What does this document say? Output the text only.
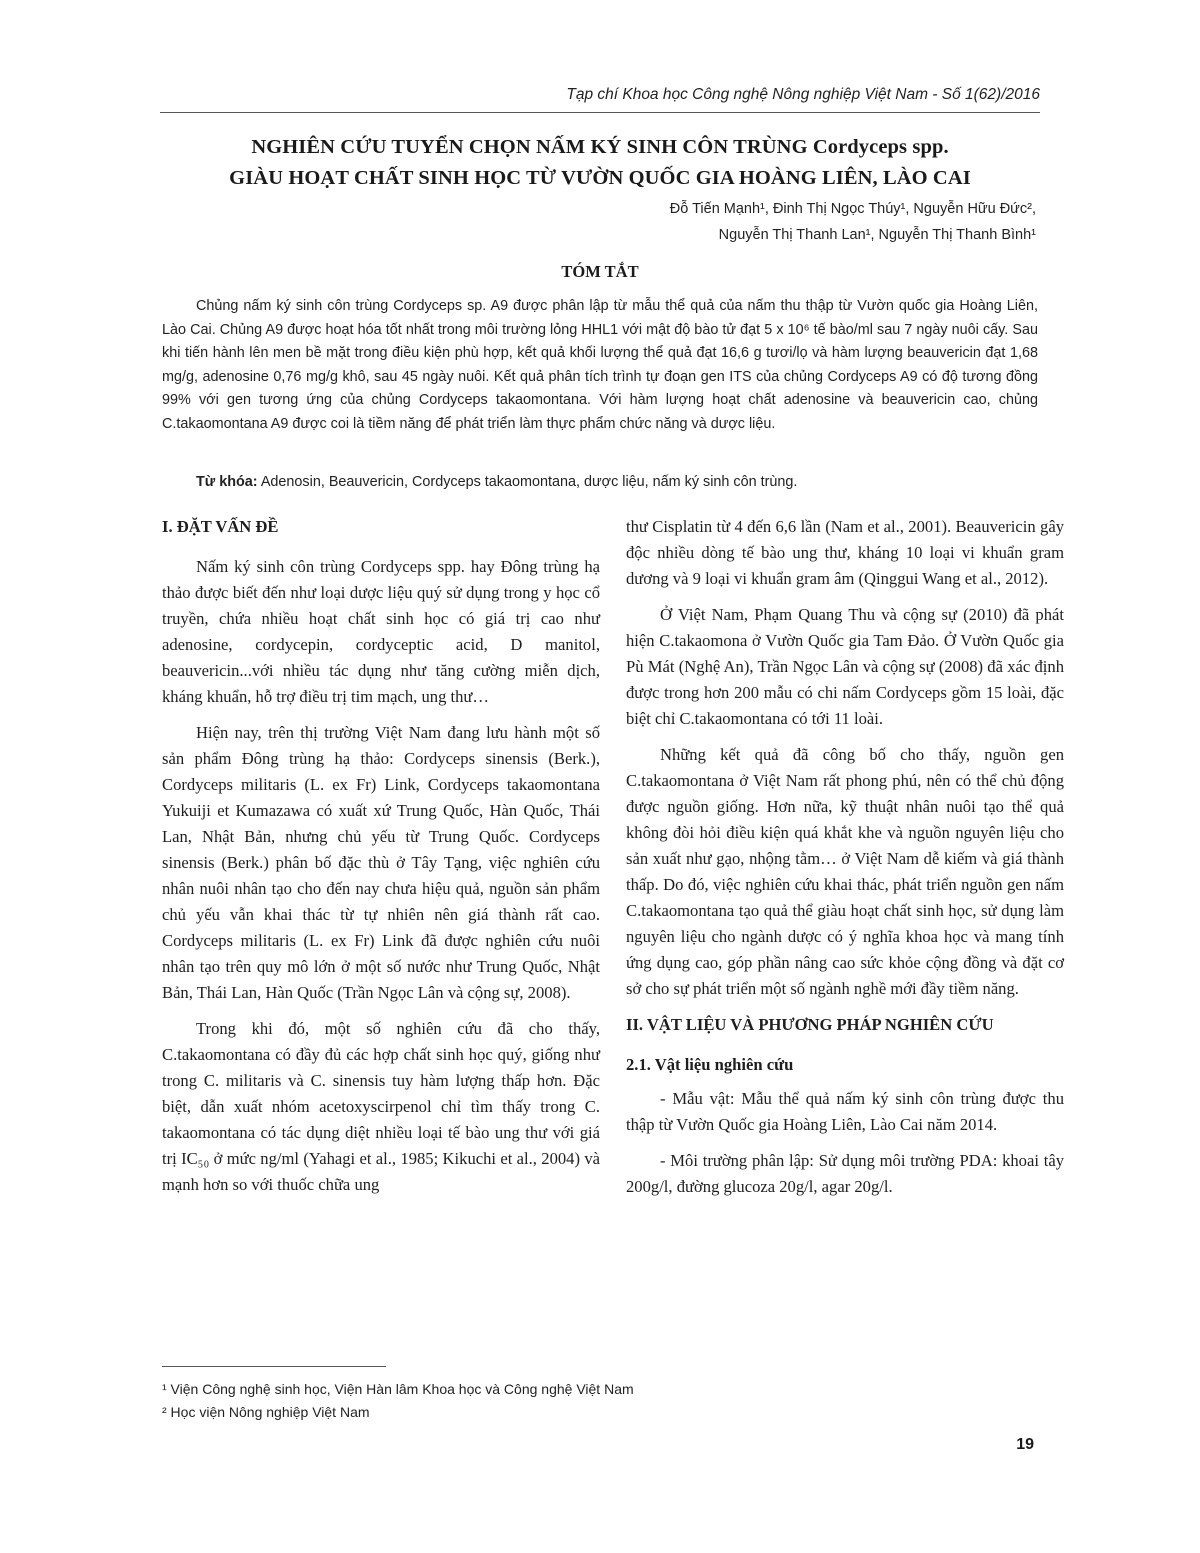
Tạp chí Khoa học Công nghệ Nông nghiệp Việt Nam - Số 1(62)/2016
NGHIÊN CỨU TUYỂN CHỌN NẤM KÝ SINH CÔN TRÙNG Cordyceps spp.
GIÀU HOẠT CHẤT SINH HỌC TỪ VƯỜN QUỐC GIA HOÀNG LIÊN, LÀO CAI
Đỗ Tiến Mạnh¹, Đinh Thị Ngọc Thúy¹, Nguyễn Hữu Đức²,
Nguyễn Thị Thanh Lan¹, Nguyễn Thị Thanh Bình¹
TÓM TẮT

Chủng nấm ký sinh côn trùng Cordyceps sp. A9 được phân lập từ mẫu thể quả của nấm thu thập từ Vườn quốc gia Hoàng Liên, Lào Cai. Chủng A9 được hoạt hóa tốt nhất trong môi trường lỏng HHL1 với mật độ bào tử đạt 5 x 10⁶ tế bào/ml sau 7 ngày nuôi cấy. Sau khi tiến hành lên men bề mặt trong điều kiện phù hợp, kết quả khối lượng thể quả đạt 16,6 g tươi/lọ và hàm lượng beauvericin đạt 1,68 mg/g, adenosine 0,76 mg/g khô, sau 45 ngày nuôi. Kết quả phân tích trình tự đoạn gen ITS của chủng Cordyceps A9 có độ tương đồng 99% với gen tương ứng của chủng Cordyceps takaomontana. Với hàm lượng hoạt chất adenosine và beauvericin cao, chủng C.takaomontana A9 được coi là tiềm năng để phát triển làm thực phẩm chức năng và dược liệu.

Từ khóa: Adenosin, Beauvericin, Cordyceps takaomontana, dược liệu, nấm ký sinh côn trùng.
I. ĐẶT VẤN ĐỀ

Nấm ký sinh côn trùng Cordyceps spp. hay Đông trùng hạ thảo được biết đến như loại dược liệu quý sử dụng trong y học cổ truyền, chứa nhiều hoạt chất sinh học có giá trị cao như adenosine, cordycepin, cordyceptic acid, D manitol, beauvericin...với nhiều tác dụng như tăng cường miễn dịch, kháng khuẩn, hỗ trợ điều trị tim mạch, ung thư…

Hiện nay, trên thị trường Việt Nam đang lưu hành một số sản phẩm Đông trùng hạ thảo: Cordyceps sinensis (Berk.), Cordyceps militaris (L. ex Fr) Link, Cordyceps takaomontana Yukuiji et Kumazawa có xuất xứ Trung Quốc, Hàn Quốc, Thái Lan, Nhật Bản, nhưng chủ yếu từ Trung Quốc. Cordyceps sinensis (Berk.) phân bố đặc thù ở Tây Tạng, việc nghiên cứu nhân nuôi nhân tạo cho đến nay chưa hiệu quả, nguồn sản phẩm chủ yếu vẫn khai thác từ tự nhiên nên giá thành rất cao. Cordyceps militaris (L. ex Fr) Link đã được nghiên cứu nuôi nhân tạo trên quy mô lớn ở một số nước như Trung Quốc, Nhật Bản, Thái Lan, Hàn Quốc (Trần Ngọc Lân và cộng sự, 2008).

Trong khi đó, một số nghiên cứu đã cho thấy, C.takaomontana có đầy đủ các hợp chất sinh học quý, giống như trong C. militaris và C. sinensis tuy hàm lượng thấp hơn. Đặc biệt, dẫn xuất nhóm acetoxyscirpenol chỉ tìm thấy trong C. takaomontana có tác dụng diệt nhiều loại tế bào ung thư với giá trị IC₅₀ ở mức ng/ml (Yahagi et al., 1985; Kikuchi et al., 2004) và mạnh hơn so với thuốc chữa ung

thư Cisplatin từ 4 đến 6,6 lần (Nam et al., 2001). Beauvericin gây độc nhiều dòng tế bào ung thư, kháng 10 loại vi khuẩn gram dương và 9 loại vi khuẩn gram âm (Qinggui Wang et al., 2012).

Ở Việt Nam, Phạm Quang Thu và cộng sự (2010) đã phát hiện C.takaomona ở Vườn Quốc gia Tam Đảo. Ở Vườn Quốc gia Pù Mát (Nghệ An), Trần Ngọc Lân và cộng sự (2008) đã xác định được trong hơn 200 mẫu có chi nấm Cordyceps gồm 15 loài, đặc biệt chỉ C.takaomontana có tới 11 loài.

Những kết quả đã công bố cho thấy, nguồn gen C.takaomontana ở Việt Nam rất phong phú, nên có thể chủ động được nguồn giống. Hơn nữa, kỹ thuật nhân nuôi tạo thể quả không đòi hỏi điều kiện quá khắt khe và nguồn nguyên liệu cho sản xuất như gạo, nhộng tằm… ở Việt Nam dễ kiếm và giá thành thấp. Do đó, việc nghiên cứu khai thác, phát triển nguồn gen nấm C.takaomontana tạo quả thể giàu hoạt chất sinh học, sử dụng làm nguyên liệu cho ngành dược có ý nghĩa khoa học và mang tính ứng dụng cao, góp phần nâng cao sức khỏe cộng đồng và đặt cơ sở cho sự phát triển một số ngành nghề mới đầy tiềm năng.

II. VẬT LIỆU VÀ PHƯƠNG PHÁP NGHIÊN CỨU
2.1. Vật liệu nghiên cứu

- Mẫu vật: Mẫu thể quả nấm ký sinh côn trùng được thu thập từ Vườn Quốc gia Hoàng Liên, Lào Cai năm 2014.

- Môi trường phân lập: Sử dụng môi trường PDA: khoai tây 200g/l, đường glucoza 20g/l, agar 20g/l.

¹ Viện Công nghệ sinh học, Viện Hàn lâm Khoa học và Công nghệ Việt Nam
² Học viện Nông nghiệp Việt Nam
19
